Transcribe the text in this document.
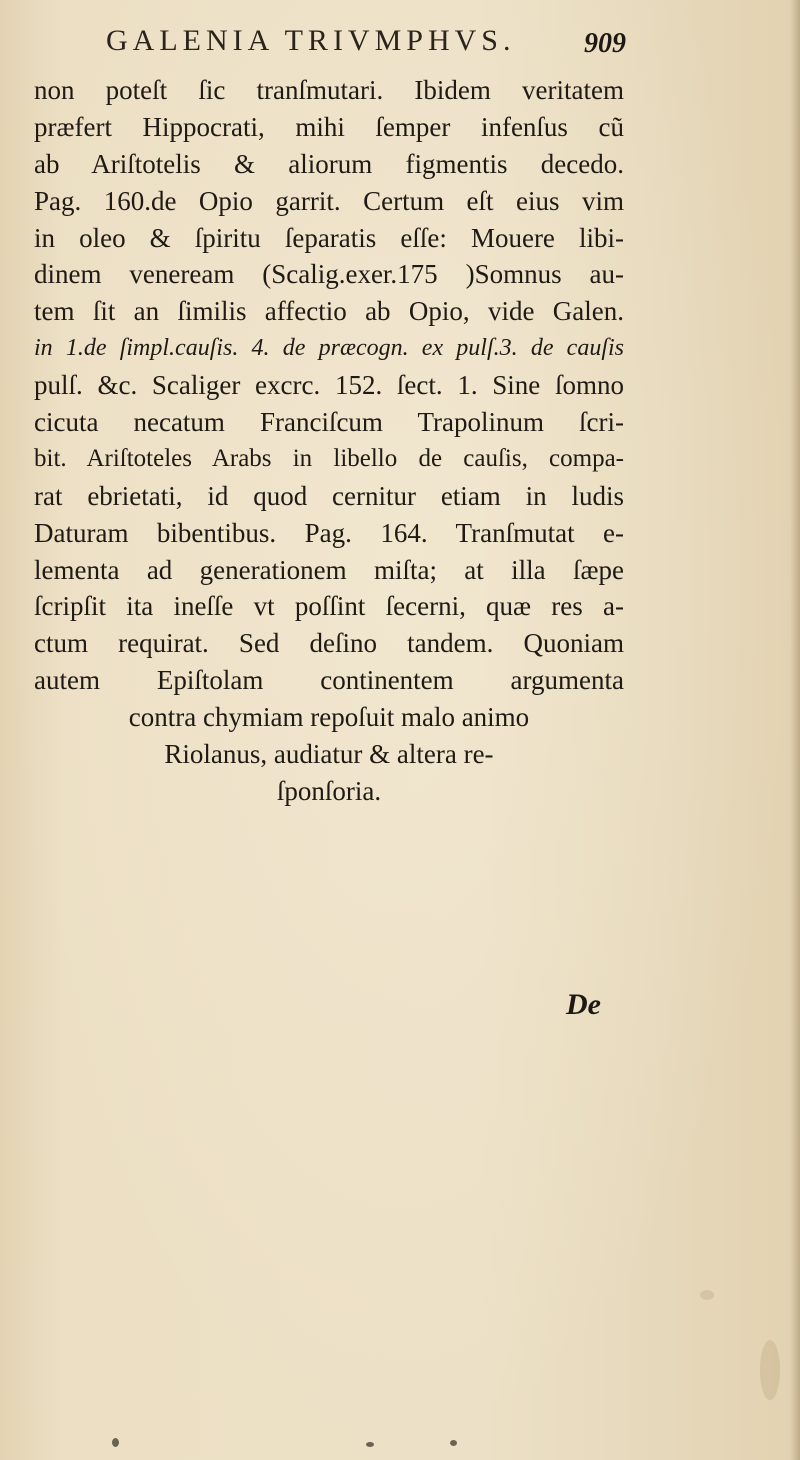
GALENIA TRIVMPHVS. 909
non poteſt ſic tranſmutari. Ibidem veritatem
præfert Hippocrati, mihi ſemper infenſus cũ
ab Ariſtotelis & aliorum figmentis decedo.
Pag. 160.de Opio garrit. Certum eſt eius vim
in oleo & ſpiritu ſeparatis eſſe: Mouere libi-
dinem veneream (Scalig.exer.175 )Somnus au-
tem ſit an ſimilis affectio ab Opio, vide Galen.
in 1.de ſimpl.cauſis. 4. de præcogn. ex pulſ.3. de cauſis
pulſ. &c. Scaliger excrc. 152. ſect. 1. Sine ſomno
cicuta necatum Franciſcum Trapolinum ſcri-
bit. Ariſtoteles Arabs in libello de cauſis, compa-
rat ebrietati, id quod cernitur etiam in ludis
Daturam bibentibus. Pag. 164. Tranſmutat e-
lementa ad generationem miſta; at illa ſæpe
ſcripſit ita ineſſe vt poſſint ſecerni, quæ res a-
ctum requirat. Sed deſino tandem. Quoniam
autem Epiſtolam continentem argumenta
contra chymiam repoſuit malo animo
Riolanus, audiatur & altera re-
ſponſoria.
De
